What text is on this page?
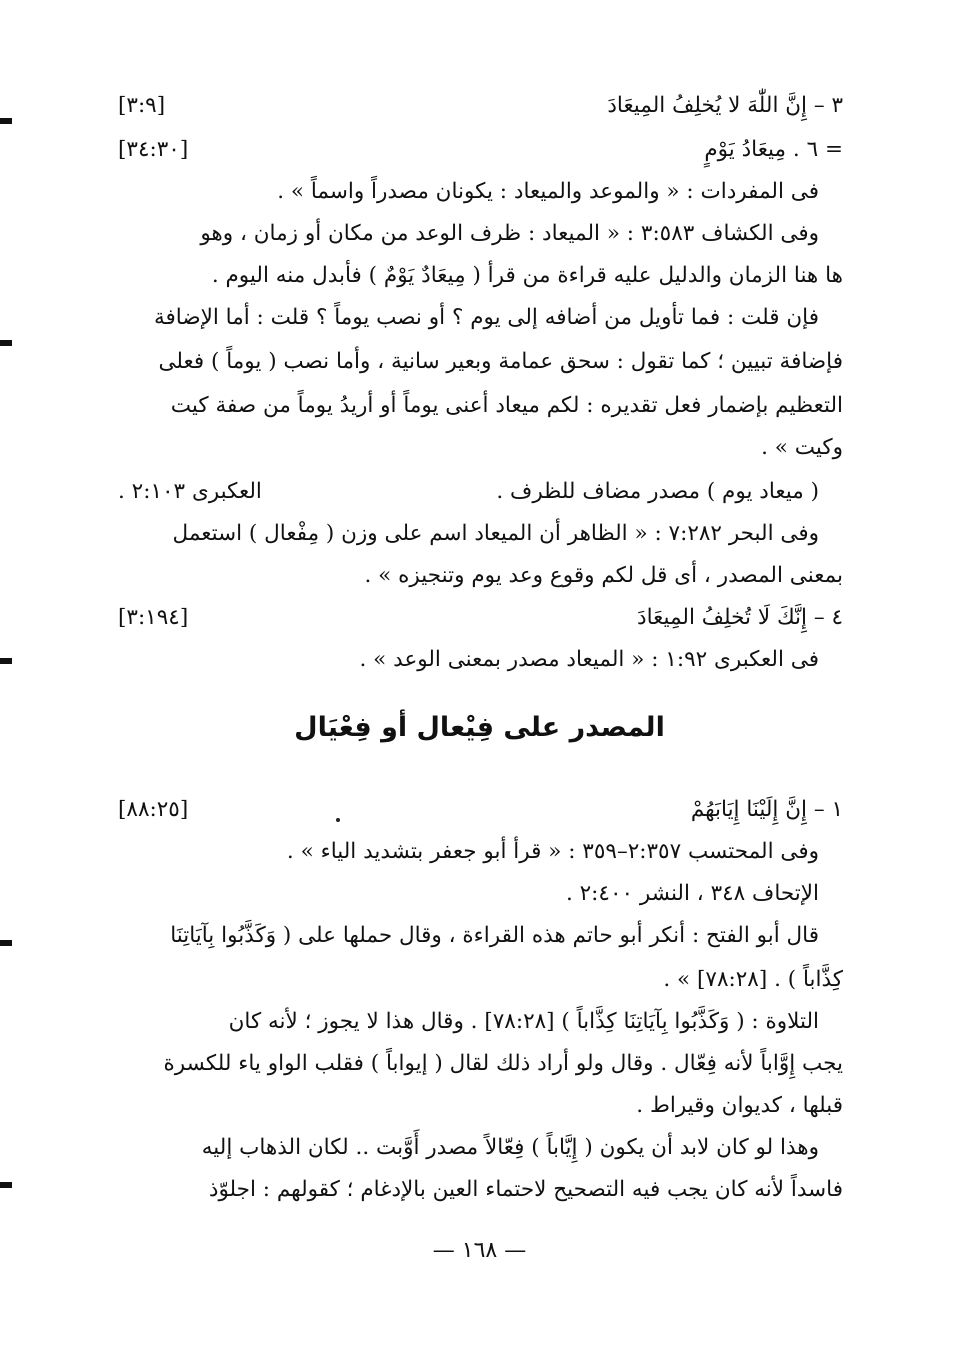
٣ – إِنَّ اللّٰهَ لا يُخلِفُ المِيعَادَ
[٣:٩]
= ٦ . مِيعَادُ يَوْمٍ
[٣٤:٣٠]
فى المفردات : « والموعد والميعاد : يكونان مصدراً واسماً » .
وفى الكشاف ٣:٥٨٣ : « الميعاد : ظرف الوعد من مكان أو زمان ، وهو
ها هنا الزمان والدليل عليه قراءة من قرأ ( مِيعَادٌ يَوْمٌ ) فأبدل منه اليوم .
فإن قلت : فما تأويل من أضافه إلى يوم ؟ أو نصب يوماً ؟ قلت : أما الإضافة
فإضافة تبيين ؛ كما تقول : سحق عمامة وبعير سانية ، وأما نصب ( يوماً ) فعلى
التعظيم بإضمار فعل تقديره : لكم ميعاد أعنى يوماً أو أريدُ يوماً من صفة كيت
وكيت » .
( ميعاد يوم ) مصدر مضاف للظرف .
العكبرى ٢:١٠٣ .
وفى البحر ٧:٢٨٢ : « الظاهر أن الميعاد اسم على وزن ( مِفْعال ) استعمل
بمعنى المصدر ، أى قل لكم وقوع وعد يوم وتنجيزه » .
٤ – إِنَّكَ لَا تُخلِفُ المِيعَادَ
[٣:١٩٤]
فى العكبرى ١:٩٢ : « الميعاد مصدر بمعنى الوعد » .
المصدر على فِيْعال أو فِعْيَال
١ – إِنَّ إِلَيْنَا إِيَابَهُمْ
[٨٨:٢٥]
وفى المحتسب ٢:٣٥٧–٣٥٩ : « قرأ أبو جعفر بتشديد الياء » .
الإتحاف ٣٤٨ ، النشر ٢:٤٠٠ .
قال أبو الفتح : أنكر أبو حاتم هذه القراءة ، وقال حملها على ( وَكَذَّبُوا بِآيَاتِنَا
كِذَّاباً ) . [٧٨:٢٨] » .
التلاوة : ( وَكَذَّبُوا بِآيَاتِنَا كِذَّاباً ) [٧٨:٢٨] . وقال هذا لا يجوز ؛ لأنه كان
يجب إِوَّاباً لأنه فِعّال . وقال ولو أراد ذلك لقال ( إيواباً ) فقلب الواو ياء للكسرة
قبلها ، كديوان وقيراط .
وهذا لو كان لابد أن يكون ( إِيَّاباً ) فِعّالاً مصدر أَوَّبت .. لكان الذهاب إليه
فاسداً لأنه كان يجب فيه التصحيح لاحتماء العين بالإدغام ؛ كقولهم : اجلوّذ
— ١٦٨ —
